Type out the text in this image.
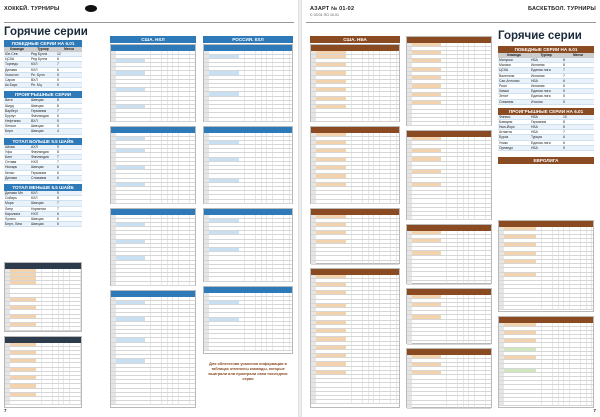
ХОККЕЙ. ТУРНИРЫ
Горячие серии
ПОБЕДНЫЕ СЕРИИ НА 6.01
Команда	Турнир	Матчи
Юн-Сев	Ред Буллз	12
ЦСКА	Ред Буллз	8
Торпедо	КХЛ	7
Динамо	КХЛ	6
Хьюстон	Ре. Булл	5
Саров	ВХЛ	5
Ак Барс	Ре. Мц	5
ПРОИГРЫШНЫЕ СЕРИИ
Вита	Швеция	8
Ширд	Швеция	8
Варберг	Германия	7
Бурнут	Финляндия	6
Нефтяник	ВХЛ	5
Легион	Швеция	5
Берн	Швеция	4
ТОТАЛ БОЛЬШЕ 5.5 ШАЙБ
Айова	АХЛ	9
Уфа	Финляндия	8
Бинг	Финляндия	7
Оттава	НХЛ	7
Ньюарк	Швеция	6
Кельн	Германия	6
Динамо	Словакия	6
ТОТАЛ МЕНЬШЕ 5.5 ШАЙБ
Динамо Мн	КХЛ	9
Сибирь	КХЛ	8
Мора	Швеция	7
Лиер	Норвегия	7
Каролина	НХЛ	6
Лугано	Швеция	6
Берн, Лига	Швеция	6
США. НХЛ	РОССИЯ. КХЛ
Для облегчения усвоения информации в таблицах отмечены команды, которые выиграли или проиграли свои последние серии
7
АЗАРТ № 01-02
С 03.01 ПО 10.01
БАСКЕТБОЛ. ТУРНИРЫ
США. НБА	Горячие серии
ПОБЕДНЫЕ СЕРИИ НА 6.01
Команда	Турнир	Матчи
Милуоки	НБА	8
Малага	Испания	8
ЦСКА	Единая лига	7
Валенсия	Испания	7
Сан-Антонио	НБА	6
Реал	Испания	6
Химки	Единая лига	5
Зенит	Единая лига	5
Олимпия	Италия	5
ПРОИГРЫШНЫЕ СЕРИИ НА 6.01
Финикс	НБА	10
Бавария	Германия	8
Нью-Йорк	НБА	8
Атланта	НБА	7
Бурса	Турция	6
Уникс	Единая лига	6
Орландо	НБА	5
ЕВРОЛИГА
7
